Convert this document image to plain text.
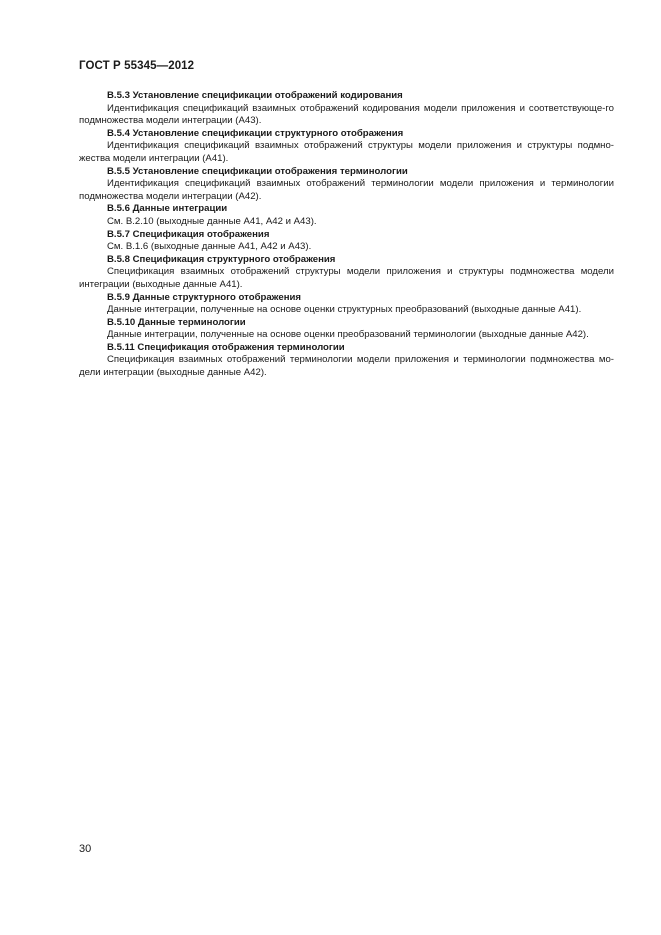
ГОСТ Р 55345—2012

В.5.3 Установление спецификации отображений кодирования

Идентификация спецификаций взаимных отображений кодирования модели приложения и соответствующе-го подмножества модели интеграции (А43).

В.5.4 Установление спецификации структурного отображения

Идентификация спецификаций взаимных отображений структуры модели приложения и структуры подмно-жества модели интеграции (А41).

В.5.5 Установление спецификации отображения терминологии

Идентификация спецификаций взаимных отображений терминологии модели приложения и терминологии подмножества модели интеграции (А42).

В.5.6 Данные интеграции

См. В.2.10 (выходные данные А41, А42 и А43).

В.5.7 Спецификация отображения

См. В.1.6 (выходные данные А41, А42 и А43).

В.5.8 Спецификация структурного отображения

Спецификация взаимных отображений структуры модели приложения и структуры подмножества модели интеграции (выходные данные А41).

В.5.9 Данные структурного отображения

Данные интеграции, полученные на основе оценки структурных преобразований (выходные данные А41).

В.5.10 Данные терминологии

Данные интеграции, полученные на основе оценки преобразований терминологии (выходные данные А42).

В.5.11 Спецификация отображения терминологии

Спецификация взаимных отображений терминологии модели приложения и терминологии подмножества мо-дели интеграции (выходные данные А42).

30
